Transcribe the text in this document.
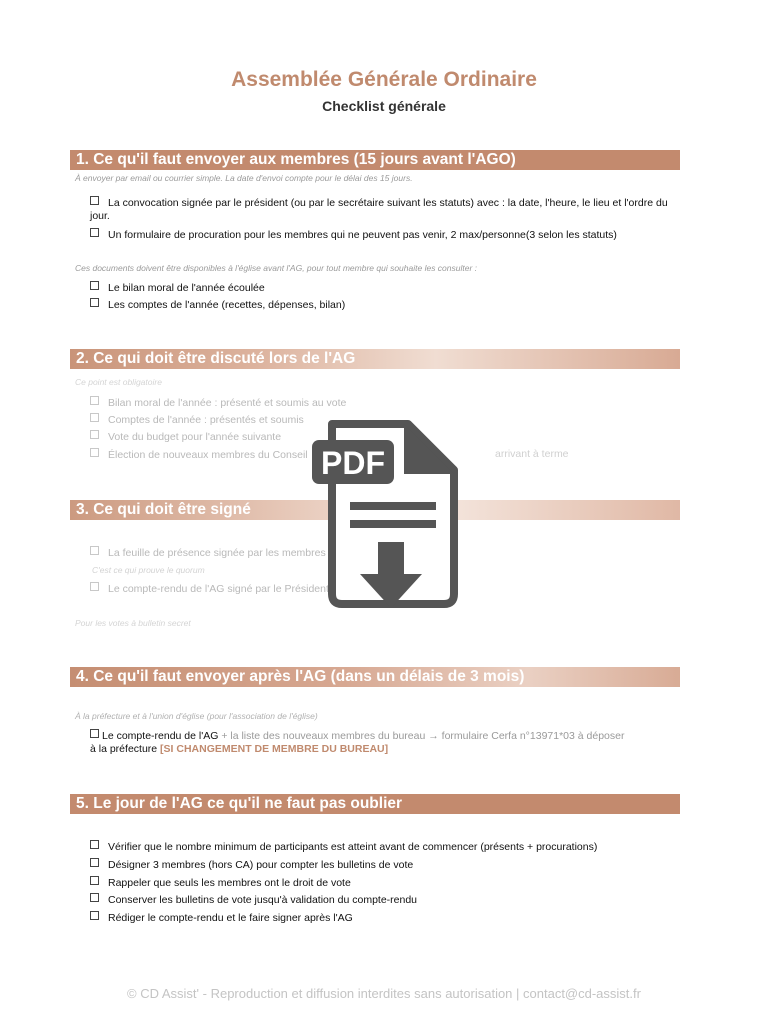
Assemblée Générale Ordinaire
Checklist générale
1. Ce qu'il faut envoyer aux membres (15 jours avant l'AGO)
À envoyer par email ou courrier simple. La date d'envoi compte pour le délai des 15 jours.
La convocation signée par le président (ou par le secrétaire suivant les statuts) avec : la date, l'heure, le lieu et l'ordre du jour.
Un formulaire de procuration pour les membres qui ne peuvent pas venir, 2 max/personne(3 selon les statuts)
Ces documents doivent être disponibles à l'église avant l'AG, pour tout membre qui souhaite les consulter :
Le bilan moral de l'année écoulée
Les comptes de l'année (recettes, dépenses, bilan)
2. Ce qui doit être discuté lors de l'AG
Ce point est obligatoire
Bilan moral de l'année : présenté et soumis au vote
Comptes de l'année : présentés et soumis
Vote du budget pour l'année suivante
Élection de nouveaux membres du Conseil	arrivant à terme
3. Ce qui doit être signé
La feuille de présence signée par les membres
C'est ce qui prouve le quorum
Le compte-rendu de l'AG signé par le Président
Pour les votes à bulletin secret
4. Ce qu'il faut envoyer après l'AG (dans un délais de 3 mois)
À la préfecture et à l'union d'église (pour l'association de l'église)
Le compte-rendu de l'AG + la liste des nouveaux membres du bureau → formulaire Cerfa n°13971*03 à déposer
à la préfecture [SI CHANGEMENT DE MEMBRE DU BUREAU]
5. Le jour de l'AG ce qu'il ne faut pas oublier
Vérifier que le nombre minimum de participants est atteint avant de commencer (présents + procurations)
Désigner 3 membres (hors CA) pour compter les bulletins de vote
Rappeler que seuls les membres ont le droit de vote
Conserver les bulletins de vote jusqu'à validation du compte-rendu
Rédiger le compte-rendu et le faire signer après l'AG
PDF
© CD Assist' - Reproduction et diffusion interdites sans autorisation | contact@cd-assist.fr
